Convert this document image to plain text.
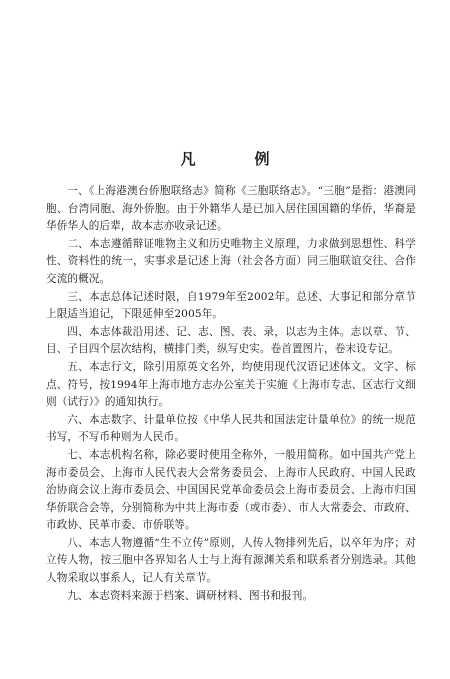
凡　例

一、《上海港澳台侨胞联络志》简称《三胞联络志》。“三胞”是指：港澳同胞、台湾同胞、海外侨胞。由于外籍华人是已加入居住国国籍的华侨，华裔是华侨华人的后辈，故本志亦收录记述。

二、本志遵循辩证唯物主义和历史唯物主义原理，力求做到思想性、科学性、资料性的统一，实事求是记述上海（社会各方面）同三胞联谊交往、合作交流的概况。

三、本志总体记述时限，自1979年至2002年。总述、大事记和部分章节上限适当追记，下限延伸至2005年。

四、本志体裁沿用述、记、志、图、表、录，以志为主体。志以章、节、目、子目四个层次结构，横排门类，纵写史实。卷首置图片，卷末设专记。

五、本志行文，除引用原英文名外，均使用现代汉语记述体文。文字、标点、符号，按1994年上海市地方志办公室关于实施《上海市专志、区志行文细则（试行）》的通知执行。

六、本志数字、计量单位按《中华人民共和国法定计量单位》的统一规范书写，不写币种则为人民币。

七、本志机构名称，除必要时使用全称外，一般用简称。如中国共产党上海市委员会、上海市人民代表大会常务委员会、上海市人民政府、中国人民政治协商会议上海市委员会、中国国民党革命委员会上海市委员会、上海市归国华侨联合会等，分别简称为中共上海市委（或市委）、市人大常委会、市政府、市政协、民革市委、市侨联等。

八、本志人物遵循“生不立传”原则，人传人物排列先后，以卒年为序；对立传人物，按三胞中各界知名人士与上海有源渊关系和联系者分别选录。其他人物采取以事系人，记人有关章节。

九、本志资料来源于档案、调研材料、图书和报刊。
